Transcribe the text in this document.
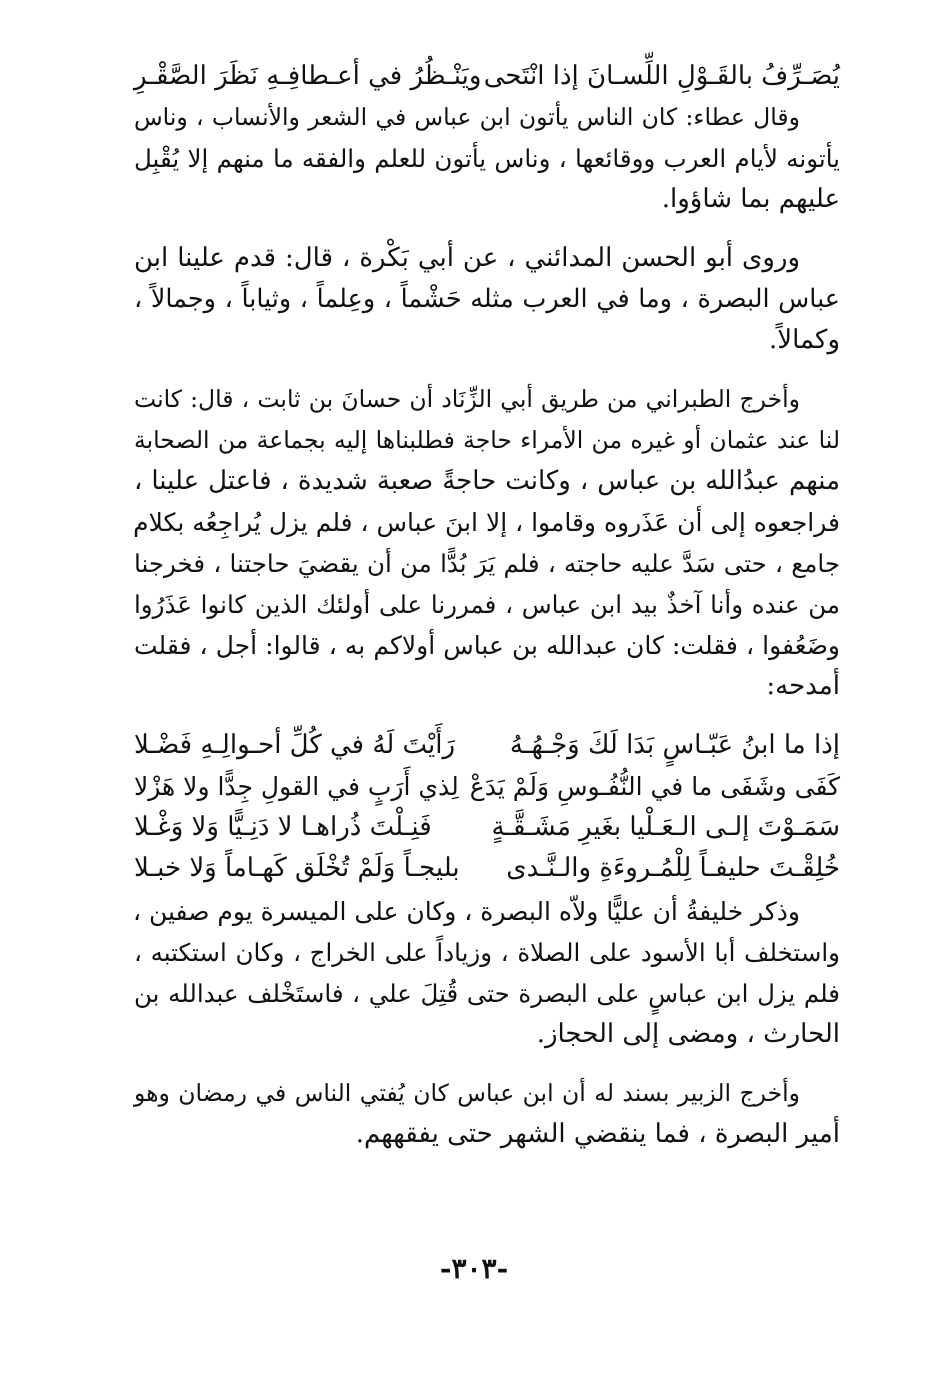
يُصَـرِّفُ بالقَـوْلِ اللِّسـانَ إذا انْتَحى
ويَنْـظُرُ في أعـطافِـهِ نَظَرَ الصَّقْـرِ

وقال عطاء: كان الناس يأتون ابن عباس في الشعر والأنساب ، وناس

يأتونه لأيام العرب ووقائعها ، وناس يأتون للعلم والفقه ما منهم إلا يُقْبِل

عليهم بما شاؤوا.

وروى أبو الحسن المدائني ، عن أبي بَكْرة ، قال: قدم علينا ابن

عباس البصرة ، وما في العرب مثله حَشْماً ، وعِلماً ، وثياباً ، وجمالاً ،

وكمالاً.

وأخرج الطبراني من طريق أبي الزِّنَاد أن حسانَ بن ثابت ، قال: كانت

لنا عند عثمان أو غيره من الأمراء حاجة فطلبناها إليه بجماعة من الصحابة

منهم عبدُالله بن عباس ، وكانت حاجةً صعبة شديدة ، فاعتل علينا ،

فراجعوه إلى أن عَذَروه وقاموا ، إلا ابنَ عباس ، فلم يزل يُراجِعُه بكلام

جامع ، حتى سَدَّ عليه حاجته ، فلم يَرَ بُدًّا من أن يقضيَ حاجتنا ، فخرجنا

من عنده وأنا آخذٌ بيد ابن عباس ، فمررنا على أولئك الذين كانوا عَذَرُوا

وضَعُفوا ، فقلت: كان عبدالله بن عباس أولاكم به ، قالوا: أجل ، فقلت

أمدحه:

إذا ما ابنُ عَبّـاسٍ بَدَا لَكَ وَجْـهُـهُ
رَأَيْتَ لَهُ في كُلِّ أحـوالِـهِ فَضْـلا
كَفَى وشَفَى ما في النُّفُـوسِ وَلَمْ يَدَعْ
لِذي أَرَبٍ في القولِ جِدًّا ولا هَزْلا
سَمَـوْتَ إلـى الـعَـلْيا بغَيرِ مَشَـقَّـةٍ
فَنِـلْتَ ذُراهـا لا دَنِـيًّا وَلا وَغْـلا
خُلِقْـتَ حليفـاً لِلْمُـروءَةِ والـنَّـدى
بليجـاً وَلَمْ تُخْلَق كَهـاماً وَلا خبـلا

وذكر خليفةُ أن عليًّا ولاّه البصرة ، وكان على الميسرة يوم صفين ،

واستخلف أبا الأسود على الصلاة ، وزياداً على الخراج ، وكان استكتبه ،

فلم يزل ابن عباسٍ على البصرة حتى قُتِلَ علي ، فاستَخْلف عبدالله بن

الحارث ، ومضى إلى الحجاز.

وأخرج الزبير بسند له أن ابن عباس كان يُفتي الناس في رمضان وهو

أمير البصرة ، فما ينقضي الشهر حتى يفقههم.

-٣٠٣-
